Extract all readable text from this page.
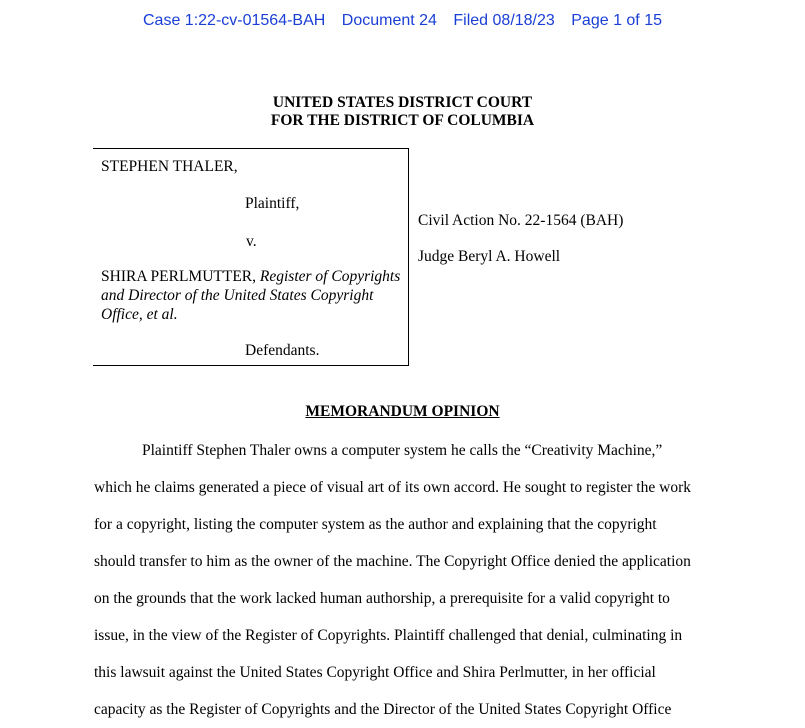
Case 1:22-cv-01564-BAH Document 24 Filed 08/18/23 Page 1 of 15
UNITED STATES DISTRICT COURT
FOR THE DISTRICT OF COLUMBIA
STEPHEN THALER,
Plaintiff,
v.
SHIRA PERLMUTTER, Register of Copyrights and Director of the United States Copyright Office, et al.
Defendants.
Civil Action No. 22-1564 (BAH)
Judge Beryl A. Howell
MEMORANDUM OPINION

Plaintiff Stephen Thaler owns a computer system he calls the “Creativity Machine,”

which he claims generated a piece of visual art of its own accord. He sought to register the work

for a copyright, listing the computer system as the author and explaining that the copyright

should transfer to him as the owner of the machine. The Copyright Office denied the application

on the grounds that the work lacked human authorship, a prerequisite for a valid copyright to

issue, in the view of the Register of Copyrights. Plaintiff challenged that denial, culminating in

this lawsuit against the United States Copyright Office and Shira Perlmutter, in her official

capacity as the Register of Copyrights and the Director of the United States Copyright Office
